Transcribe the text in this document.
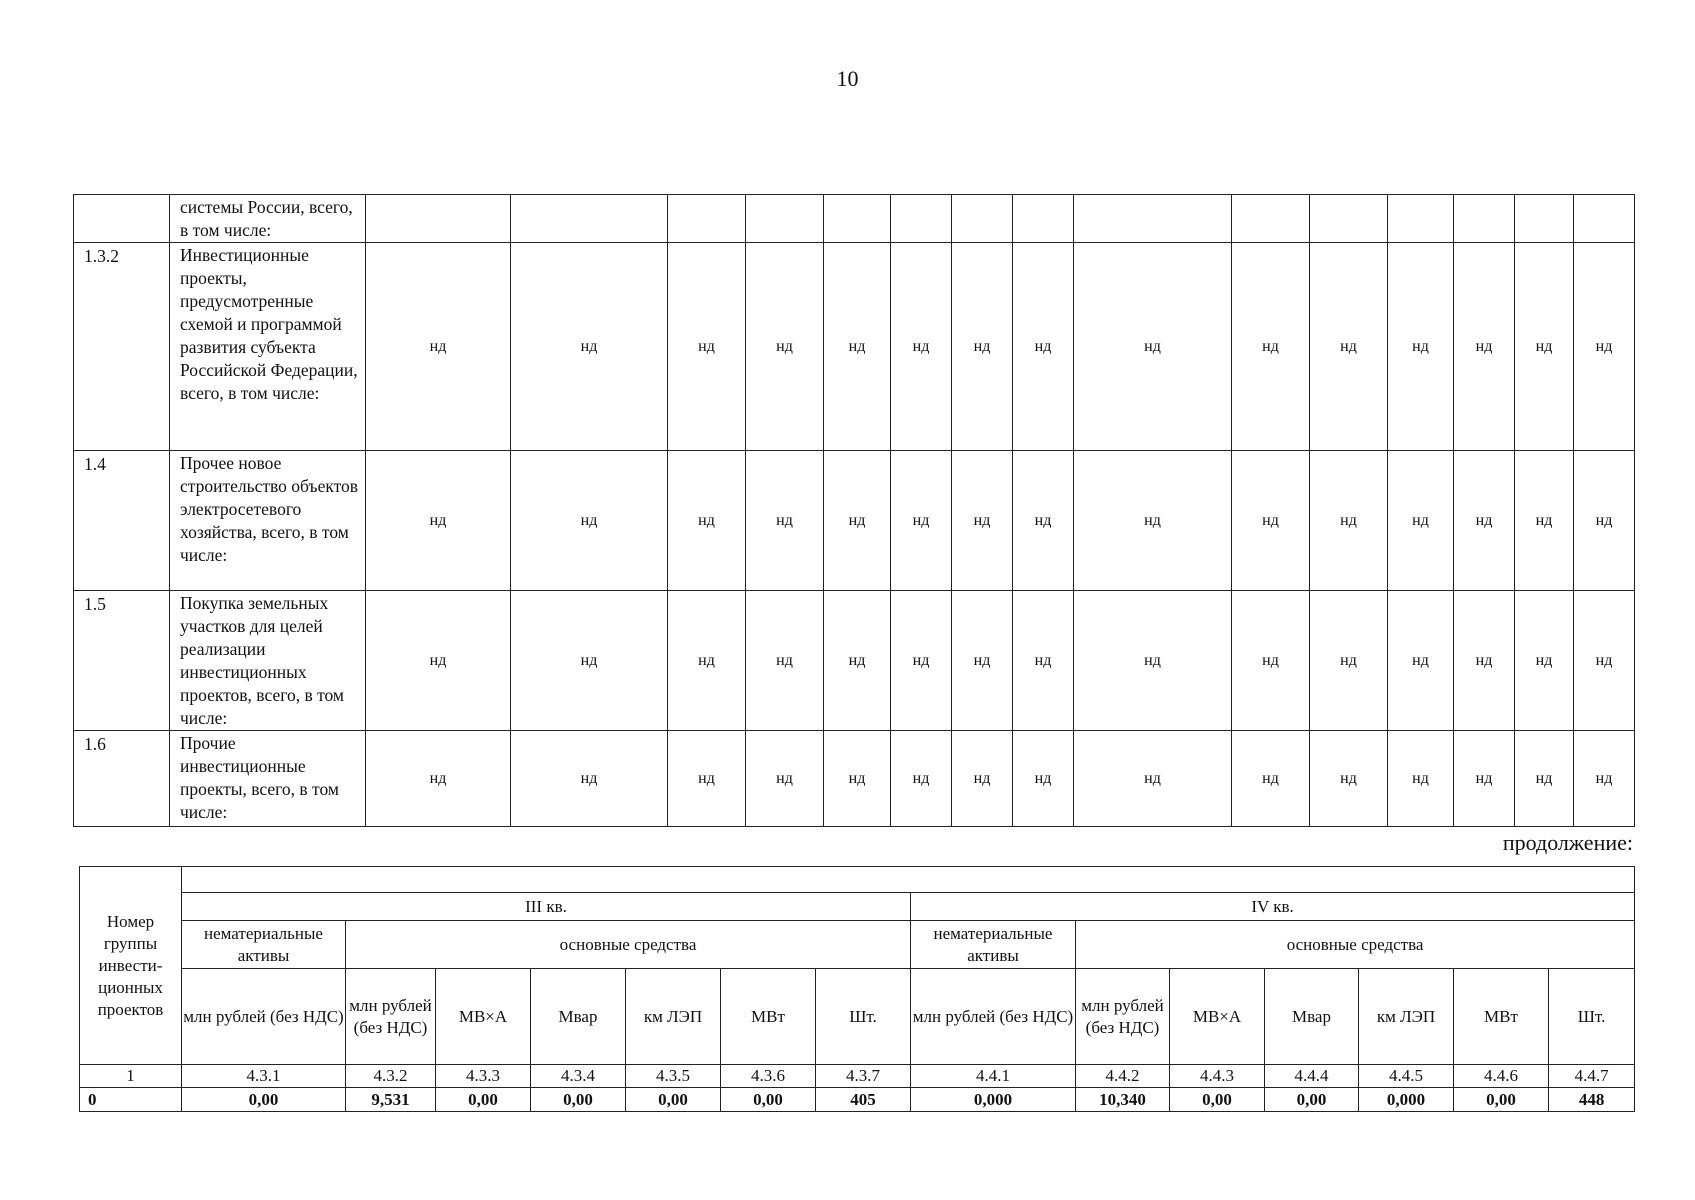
10
	системы России, всего, в том числе:															
1.3.2	Инвестиционные проекты, предусмотренные схемой и программой развития субъекта Российской Федерации, всего, в том числе:	нд	нд	нд	нд	нд	нд	нд	нд	нд	нд	нд	нд	нд	нд	нд
1.4	Прочее новое строительство объектов электросетевого хозяйства, всего, в том числе:	нд	нд	нд	нд	нд	нд	нд	нд	нд	нд	нд	нд	нд	нд	нд
1.5	Покупка земельных участков для целей реализации инвестиционных проектов, всего, в том числе:	нд	нд	нд	нд	нд	нд	нд	нд	нд	нд	нд	нд	нд	нд	нд
1.6	Прочие инвестиционные проекты, всего, в том числе:	нд	нд	нд	нд	нд	нд	нд	нд	нд	нд	нд	нд	нд	нд	нд
продолжение:
Номер группы инвести-ционных проектов														
	III кв.							IV кв.						
	нематериальные активы	основные средства						нематериальные активы	основные средства					
	млн рублей (без НДС)	млн рублей (без НДС)	МВ×А	Мвар	км ЛЭП	МВт	Шт.	млн рублей (без НДС)	млн рублей (без НДС)	МВ×А	Мвар	км ЛЭП	МВт	Шт.
1	4.3.1	4.3.2	4.3.3	4.3.4	4.3.5	4.3.6	4.3.7	4.4.1	4.4.2	4.4.3	4.4.4	4.4.5	4.4.6	4.4.7
0	0,00	9,531	0,00	0,00	0,00	0,00	405	0,000	10,340	0,00	0,00	0,000	0,00	448
